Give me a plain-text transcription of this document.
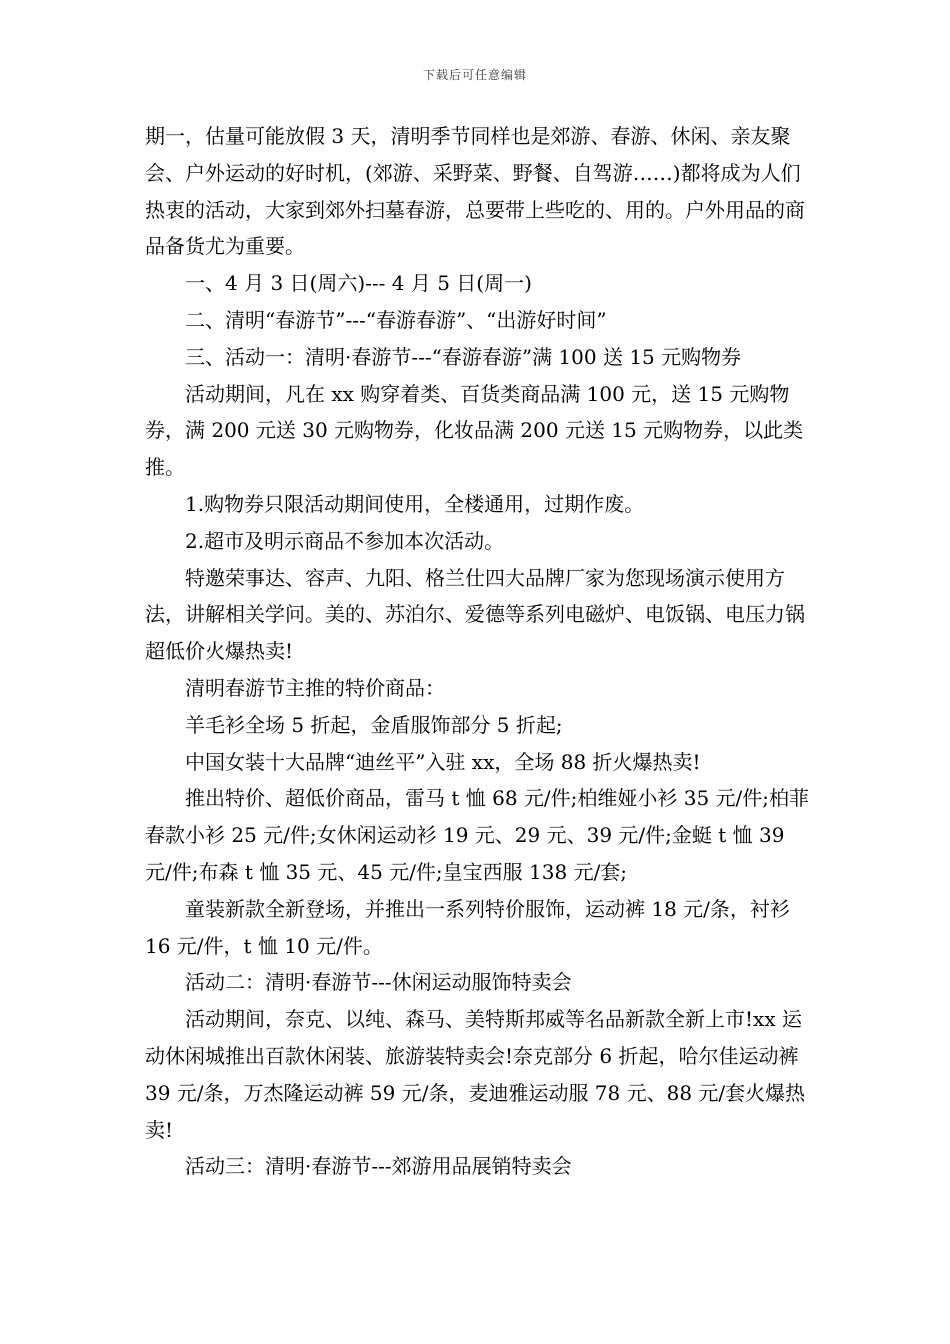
下载后可任意编辑

期一，估量可能放假 3 天，清明季节同样也是郊游、春游、休闲、亲友聚会、户外运动的好时机，(郊游、采野菜、野餐、自驾游……)都将成为人们热衷的活动，大家到郊外扫墓春游，总要带上些吃的、用的。户外用品的商品备货尤为重要。

一、4 月 3 日(周六)--- 4 月 5 日(周一)

二、清明“春游节”---“春游春游”、“出游好时间”

三、活动一：清明·春游节---“春游春游”满 100 送 15 元购物券

活动期间，凡在 xx 购穿着类、百货类商品满 100 元，送 15 元购物券，满 200 元送 30 元购物券，化妆品满 200 元送 15 元购物券，以此类推。

1.购物券只限活动期间使用，全楼通用，过期作废。

2.超市及明示商品不参加本次活动。

特邀荣事达、容声、九阳、格兰仕四大品牌厂家为您现场演示使用方法，讲解相关学问。美的、苏泊尔、爱德等系列电磁炉、电饭锅、电压力锅超低价火爆热卖!

清明春游节主推的特价商品：

羊毛衫全场 5 折起，金盾服饰部分 5 折起;

中国女装十大品牌“迪丝平”入驻 xx，全场 88 折火爆热卖!

推出特价、超低价商品，雷马 t 恤 68 元/件;柏维娅小衫 35 元/件;柏菲春款小衫 25 元/件;女休闲运动衫 19 元、29 元、39 元/件;金蜓 t 恤 39 元/件;布森 t 恤 35 元、45 元/件;皇宝西服 138 元/套;

童装新款全新登场，并推出一系列特价服饰，运动裤 18 元/条，衬衫 16 元/件，t 恤 10 元/件。

活动二：清明·春游节---休闲运动服饰特卖会

活动期间，奈克、以纯、森马、美特斯邦威等名品新款全新上市!xx 运动休闲城推出百款休闲装、旅游装特卖会!奈克部分 6 折起，哈尔佳运动裤 39 元/条，万杰隆运动裤 59 元/条，麦迪雅运动服 78 元、88 元/套火爆热卖!

活动三：清明·春游节---郊游用品展销特卖会
